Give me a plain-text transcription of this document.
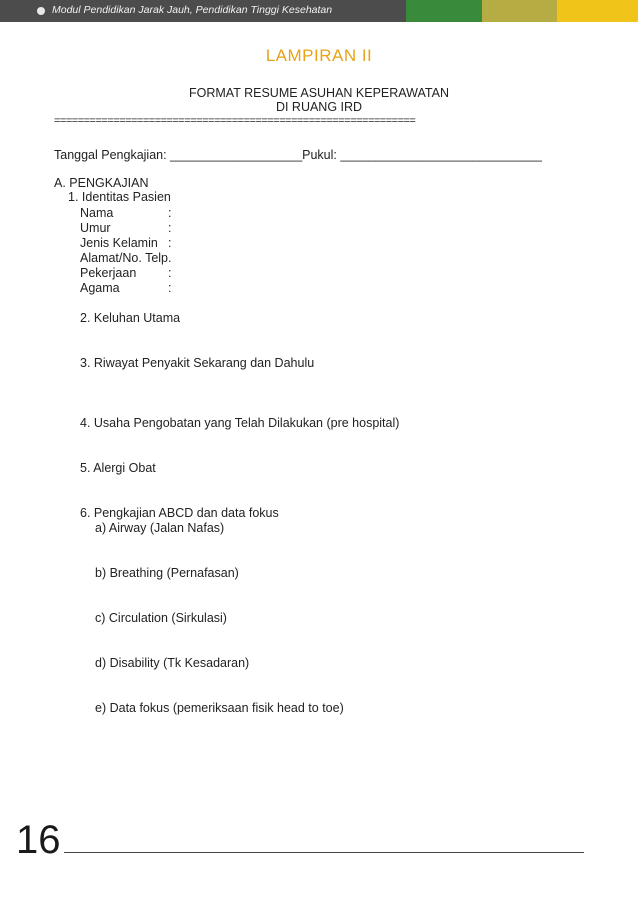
Modul Pendidikan Jarak Jauh, Pendidikan Tinggi Kesehatan
LAMPIRAN II
FORMAT RESUME ASUHAN KEPERAWATAN
DI RUANG IRD
=============================================================
Tanggal Pengkajian: ___________________Pukul: _____________________________
A. PENGKAJIAN
1. Identitas Pasien
Nama	:
Umur	:
Jenis Kelamin :
Alamat/No. Telp.
Pekerjaan	:
Agama	:
2. Keluhan Utama
3. Riwayat Penyakit Sekarang dan Dahulu
4. Usaha Pengobatan yang Telah Dilakukan (pre hospital)
5. Alergi Obat
6. Pengkajian ABCD dan data fokus
a) Airway (Jalan Nafas)
b) Breathing (Pernafasan)
c) Circulation (Sirkulasi)
d) Disability (Tk Kesadaran)
e) Data fokus (pemeriksaan fisik head to toe)
16
